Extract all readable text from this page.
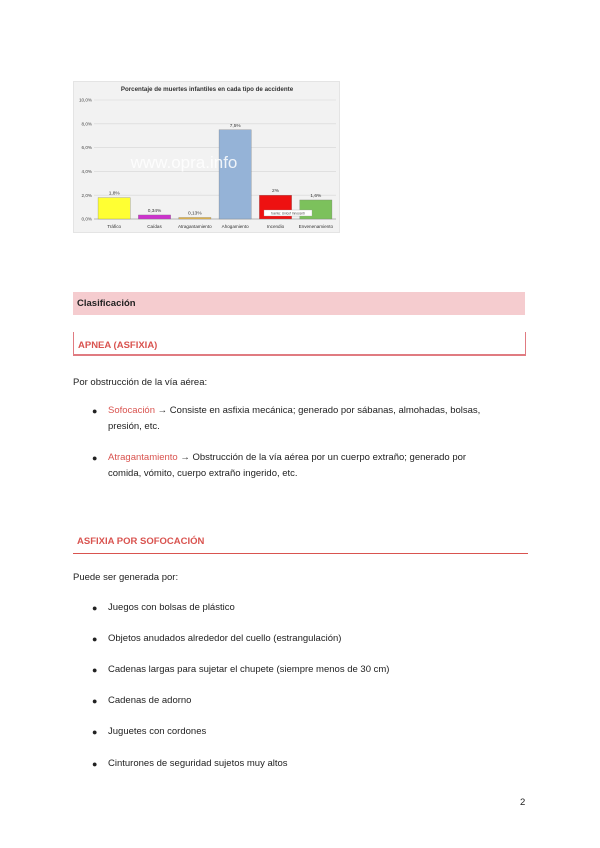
Porcentaje de muertes infantiles en cada tipo de accidente
0,0%
2,0%
4,0%
6,0%
8,0%
10,0%
1,8%
0,34%	0,13%
7,5%
2%
1,6%
Tráfico	Caídas	Atragantamiento Ahogamiento	Incendio	Envenenamiento
fuente: Unicef Innocenti
www.opra.info
Clasificación
APNEA (ASFIXIA)
Por obstrucción de la vía aérea:
● Sofocación → Consiste en asfixia mecánica; generado por sábanas, almohadas, bolsas,
presión, etc.
● Atragantamiento → Obstrucción de la vía aérea por un cuerpo extraño; generado por
comida, vómito, cuerpo extraño ingerido, etc.
ASFIXIA POR SOFOCACIÓN
Puede ser generada por:
● Juegos con bolsas de plástico
● Objetos anudados alrededor del cuello (estrangulación)
● Cadenas largas para sujetar el chupete (siempre menos de 30 cm)
● Cadenas de adorno
● Juguetes con cordones
● Cinturones de seguridad sujetos muy altos
2
